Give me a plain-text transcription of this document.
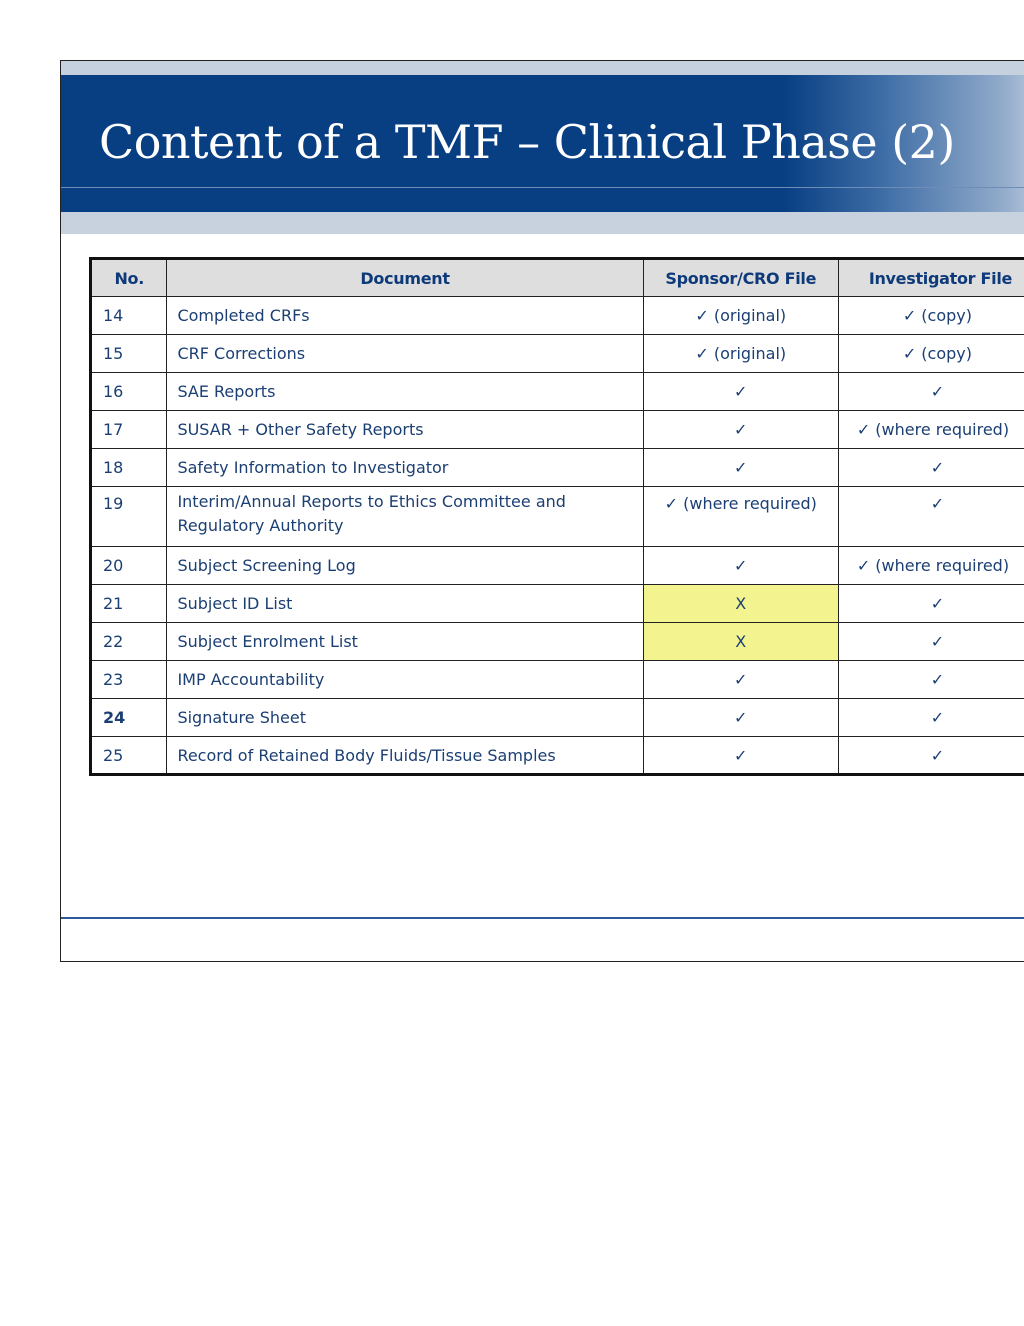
Content of a TMF – Clinical Phase (2)
No.	Document	Sponsor/CRO File	Investigator File
14	Completed CRFs	✓ (original)	✓ (copy)
15	CRF Corrections	✓ (original)	✓ (copy)
16	SAE Reports	✓	✓
17	SUSAR + Other Safety Reports	✓	✓ (where required)
18	Safety Information to Investigator	✓	✓
19	Interim/Annual Reports to Ethics Committee and Regulatory Authority	✓ (where required)	✓
20	Subject Screening Log	✓	✓ (where required)
21	Subject ID List	X	✓
22	Subject Enrolment List	X	✓
23	IMP Accountability	✓	✓
24	Signature Sheet	✓	✓
25	Record of Retained Body Fluids/Tissue Samples	✓	✓
